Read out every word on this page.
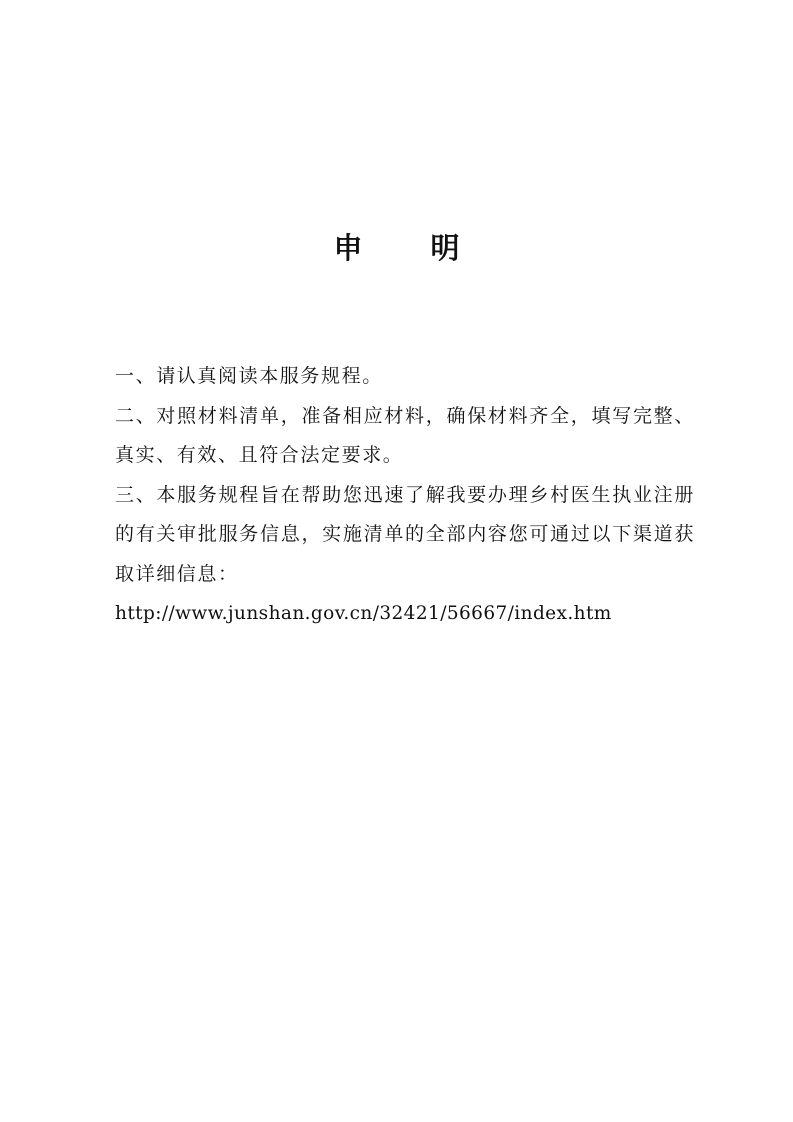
申 明

一、请认真阅读本服务规程。

二、对照材料清单，准备相应材料，确保材料齐全，填写完整、真实、有效、且符合法定要求。

三、本服务规程旨在帮助您迅速了解我要办理乡村医生执业注册的有关审批服务信息，实施清单的全部内容您可通过以下渠道获取详细信息：

http://www.junshan.gov.cn/32421/56667/index.htm
